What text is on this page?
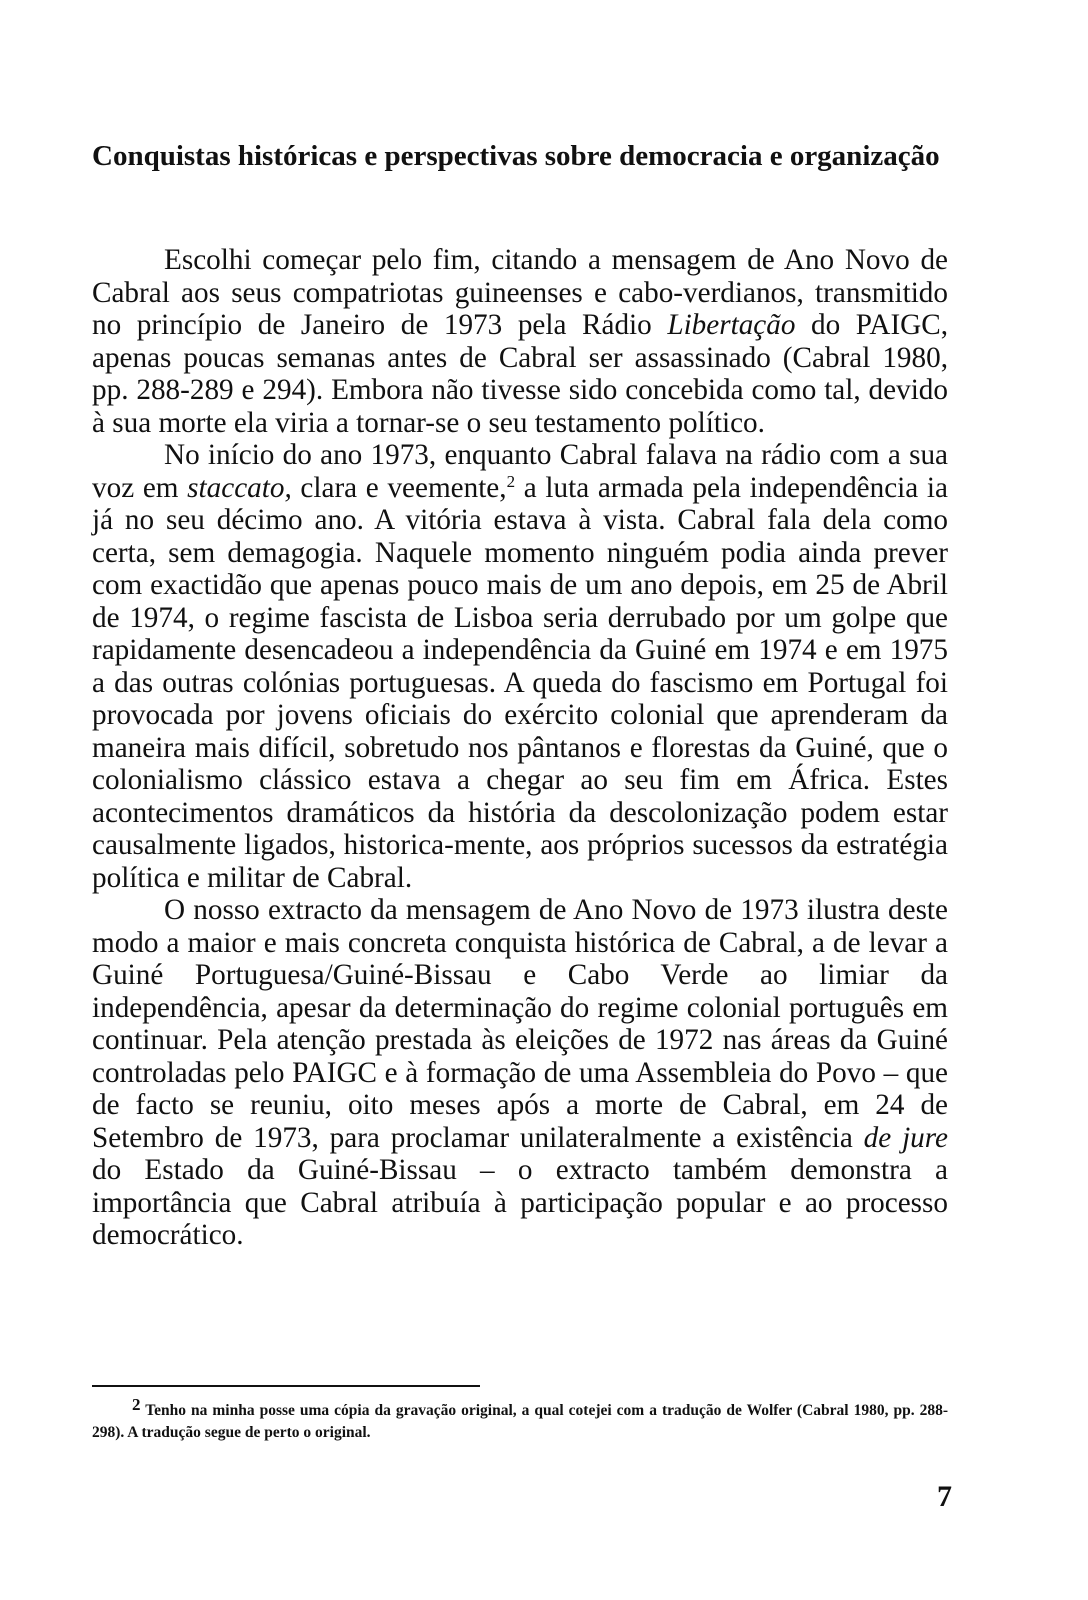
Conquistas históricas e perspectivas sobre democracia e organização

Escolhi começar pelo fim, citando a mensagem de Ano Novo de Cabral aos seus compatriotas guineenses e cabo-verdianos, transmitido no princípio de Janeiro de 1973 pela Rádio Libertação do PAIGC, apenas poucas semanas antes de Cabral ser assassinado (Cabral 1980, pp. 288-289 e 294). Embora não tivesse sido concebida como tal, devido à sua morte ela viria a tornar-se o seu testamento político.

No início do ano 1973, enquanto Cabral falava na rádio com a sua voz em staccato, clara e veemente,$^2$ a luta armada pela independência ia já no seu décimo ano. A vitória estava à vista. Cabral fala dela como certa, sem demagogia. Naquele momento ninguém podia ainda prever com exactidão que apenas pouco mais de um ano depois, em 25 de Abril de 1974, o regime fascista de Lisboa seria derrubado por um golpe que rapidamente desencadeou a independência da Guiné em 1974 e em 1975 a das outras colónias portuguesas. A queda do fascismo em Portugal foi provocada por jovens oficiais do exército colonial que aprenderam da maneira mais difícil, sobretudo nos pântanos e florestas da Guiné, que o colonialismo clássico estava a chegar ao seu fim em África. Estes acontecimentos dramáticos da história da descolonização podem estar causalmente ligados, historica-mente, aos próprios sucessos da estratégia política e militar de Cabral.

O nosso extracto da mensagem de Ano Novo de 1973 ilustra deste modo a maior e mais concreta conquista histórica de Cabral, a de levar a Guiné Portuguesa/Guiné-Bissau e Cabo Verde ao limiar da independência, apesar da determinação do regime colonial português em continuar. Pela atenção prestada às eleições de 1972 nas áreas da Guiné controladas pelo PAIGC e à formação de uma Assembleia do Povo – que de facto se reuniu, oito meses após a morte de Cabral, em 24 de Setembro de 1973, para proclamar unilateralmente a existência de jure do Estado da Guiné-Bissau – o extracto também demonstra a importância que Cabral atribuía à participação popular e ao processo democrático.

$^2$ Tenho na minha posse uma cópia da gravação original, a qual cotejei com a tradução de Wolfer (Cabral 1980, pp. 288-298). A tradução segue de perto o original.

7
